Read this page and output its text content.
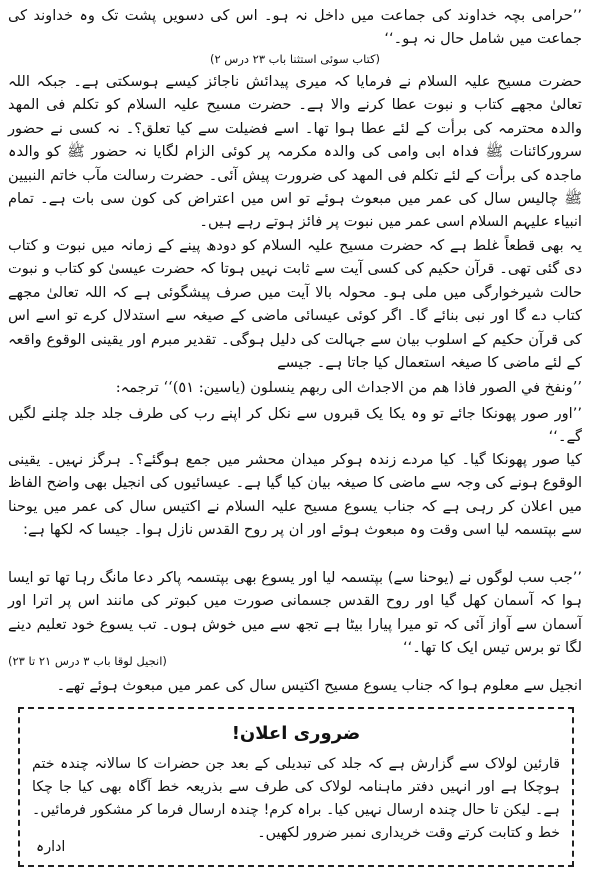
’’حرامی بچہ خداوند کی جماعت میں داخل نہ ہو۔ اس کی دسویں پشت تک وہ خداوند کی جماعت میں شامل حال نہ ہو۔‘‘

(کتاب سوئی استثنا باب ۲۳ درس ۲)

حضرت مسیح علیہ السلام نے فرمایا کہ میری پیدائش ناجائز کیسے ہوسکتی ہے۔ جبکہ اللہ تعالیٰ مجھے کتاب و نبوت عطا کرنے والا ہے۔ حضرت مسیح علیہ السلام کو تکلم فی المھد والدہ محترمہ کی برأت کے لئے عطا ہوا تھا۔ اسے فضیلت سے کیا تعلق؟۔ نہ کسی نے حضور سرورکائنات ﷺ فداہ ابی وامی کی والدہ مکرمہ پر کوئی الزام لگایا نہ حضور ﷺ کو والدہ ماجدہ کی برأت کے لئے تکلم فی المھد کی ضرورت پیش آئی۔ حضرت رسالت مآب خاتم النبیین ﷺ چالیس سال کی عمر میں مبعوث ہوئے تو اس میں اعتراض کی کون سی بات ہے۔ تمام انبیاء علیہم السلام اسی عمر میں نبوت پر فائز ہوتے رہے ہیں۔

یہ بھی قطعاً غلط ہے کہ حضرت مسیح علیہ السلام کو دودھ پینے کے زمانہ میں نبوت و کتاب دی گئی تھی۔ قرآن حکیم کی کسی آیت سے ثابت نہیں ہوتا کہ حضرت عیسیٰ کو کتاب و نبوت حالت شیرخوارگی میں ملی ہو۔ محولہ بالا آیت میں صرف پیشگوئی ہے کہ اللہ تعالیٰ مجھے کتاب دے گا اور نبی بنائے گا۔ اگر کوئی عیسائی ماضی کے صیغہ سے استدلال کرے تو اسے اس کی قرآن حکیم کے اسلوب بیان سے جہالت کی دلیل ہوگی۔ تقدیر مبرم اور یقینی الوقوع واقعہ کے لئے ماضی کا صیغہ استعمال کیا جاتا ہے۔ جیسے

’’ونفخ في الصور فاذا هم من الاجداث الى ربهم ينسلون (ياسين: ٥١)‘‘ ترجمہ:

’’اور صور پھونکا جائے تو وہ یکا یک قبروں سے نکل کر اپنے رب کی طرف جلد جلد چلنے لگیں گے۔‘‘

کیا صور پھونکا گیا۔ کیا مردے زندہ ہوکر میدان محشر میں جمع ہوگئے؟۔ ہرگز نہیں۔ یقینی الوقوع ہونے کی وجہ سے ماضی کا صیغہ بیان کیا گیا ہے۔ عیسائیوں کی انجیل بھی واضح الفاظ میں اعلان کر رہی ہے کہ جناب یسوع مسیح علیہ السلام نے اکتیس سال کی عمر میں یوحنا سے بپتسمہ لیا اسی وقت وہ مبعوث ہوئے اور ان پر روح القدس نازل ہوا۔ جیسا کہ لکھا ہے:

’’جب سب لوگوں نے (یوحنا سے) بپتسمہ لیا اور یسوع بھی بپتسمہ پاکر دعا مانگ رہا تھا تو ایسا ہوا کہ آسمان کھل گیا اور روح القدس جسمانی صورت میں کبوتر کی مانند اس پر اترا اور آسمان سے آواز آئی کہ تو میرا پیارا بیٹا ہے تجھ سے میں خوش ہوں۔ تب یسوع خود تعلیم دینے لگا تو برس تیس ایک کا تھا۔‘‘

(انجیل لوقا باب ۳ درس ۲۱ تا ۲۳)

انجیل سے معلوم ہوا کہ جناب یسوع مسیح اکتیس سال کی عمر میں مبعوث ہوئے تھے۔

ضروری اعلان!

قارئین لولاک سے گزارش ہے کہ جلد کی تبدیلی کے بعد جن حضرات کا سالانہ چندہ ختم ہوچکا ہے اور انہیں دفتر ماہنامہ لولاک کی طرف سے بذریعہ خط آگاہ بھی کیا جا چکا ہے۔ لیکن تا حال چندہ ارسال نہیں کیا۔ براہ کرم! چندہ ارسال فرما کر مشکور فرمائیں۔ خط و کتابت کرتے وقت خریداری نمبر ضرور لکھیں۔

ادارہ
